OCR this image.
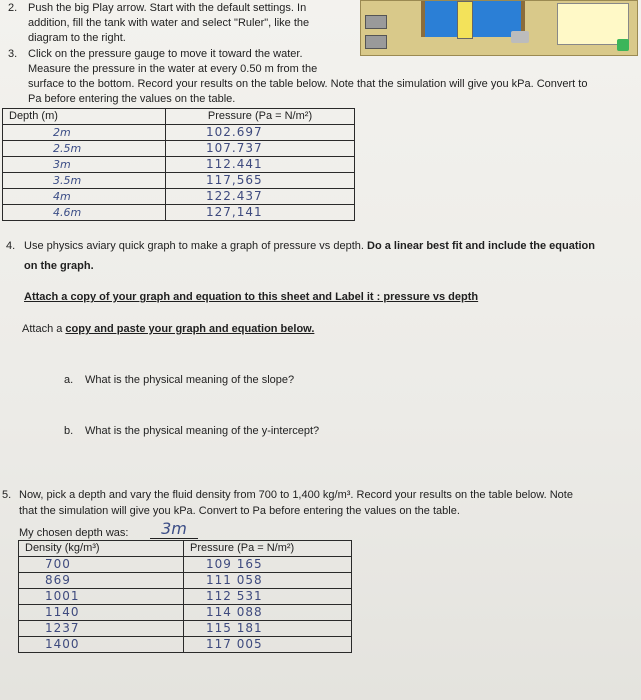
2. Push the big Play arrow. Start with the default settings. In
addition, fill the tank with water and select "Ruler", like the
diagram to the right.
3. Click on the pressure gauge to move it toward the water.
Measure the pressure in the water at every 0.50 m from the
surface to the bottom. Record your results on the table below. Note that the simulation will give you kPa. Convert to
Pa before entering the values on the table.
Depth (m)	Pressure (Pa = N/m²)
2m	102.697
2.5m	107.737
3m	112.441
3.5m	117,565
4m	122.437
4.6m	127,141
4. Use physics aviary quick graph to make a graph of pressure vs depth. Do a linear best fit and include the equation
on the graph.
Attach a copy of your graph and equation to this sheet and Label it : pressure vs depth
Attach a copy and paste your graph and equation below.
a. What is the physical meaning of the slope?
b. What is the physical meaning of the y-intercept?
5. Now, pick a depth and vary the fluid density from 700 to 1,400 kg/m³. Record your results on the table below. Note
that the simulation will give you kPa. Convert to Pa before entering the values on the table.
My chosen depth was:	3m
Density (kg/m³)	Pressure (Pa = N/m²)
700	109 165
869	111 058
1001	112 531
1140	114 088
1237	115 181
1400	117 005
